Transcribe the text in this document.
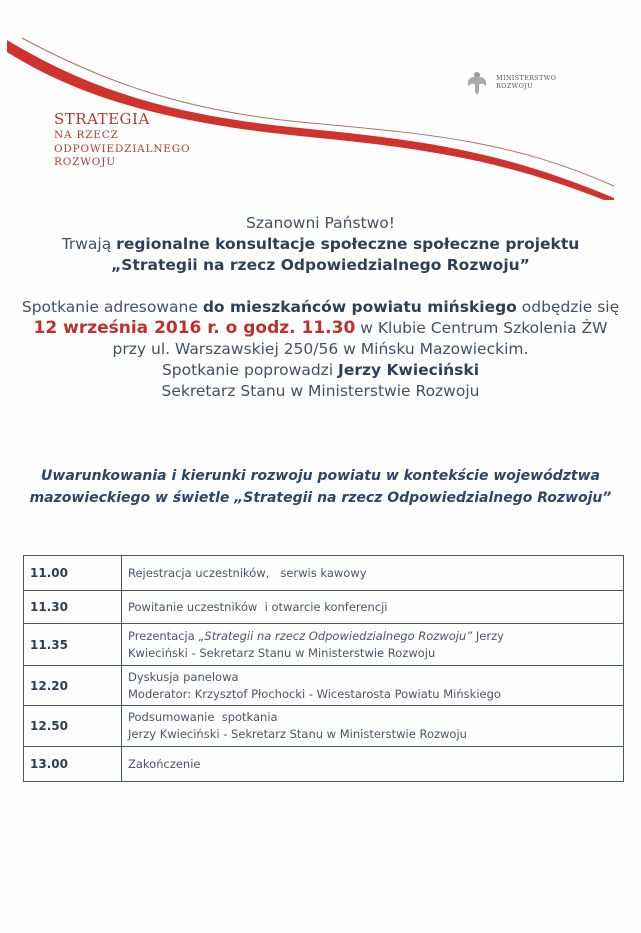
STRATEGIA
NA RZECZ
ODPOWIEDZIALNEGO
ROZWOJU
MINISTERSTWO
ROZWOJU
Szanowni Państwo!
Trwają regionalne konsultacje społeczne społeczne projektu
„Strategii na rzecz Odpowiedzialnego Rozwoju”
Spotkanie adresowane do mieszkańców powiatu mińskiego odbędzie się
12 września 2016 r. o godz. 11.30 w Klubie Centrum Szkolenia ŻW
przy ul. Warszawskiej 250/56 w Mińsku Mazowieckim.
Spotkanie poprowadzi Jerzy Kwieciński
Sekretarz Stanu w Ministerstwie Rozwoju
Uwarunkowania i kierunki rozwoju powiatu w kontekście województwa
mazowieckiego w świetle „Strategii na rzecz Odpowiedzialnego Rozwoju”
11.00	Rejestracja uczestników,   serwis kawowy
11.30	Powitanie uczestników  i otwarcie konferencji
11.35	Prezentacja „Strategii na rzecz Odpowiedzialnego Rozwoju” Jerzy
Kwieciński - Sekretarz Stanu w Ministerstwie Rozwoju

12.20	Dyskusja panelowa
Moderator: Krzysztof Płochocki - Wicestarosta Powiatu Mińskiego

12.50	Podsumowanie  spotkania
Jerzy Kwieciński - Sekretarz Stanu w Ministerstwie Rozwoju

13.00	Zakończenie
